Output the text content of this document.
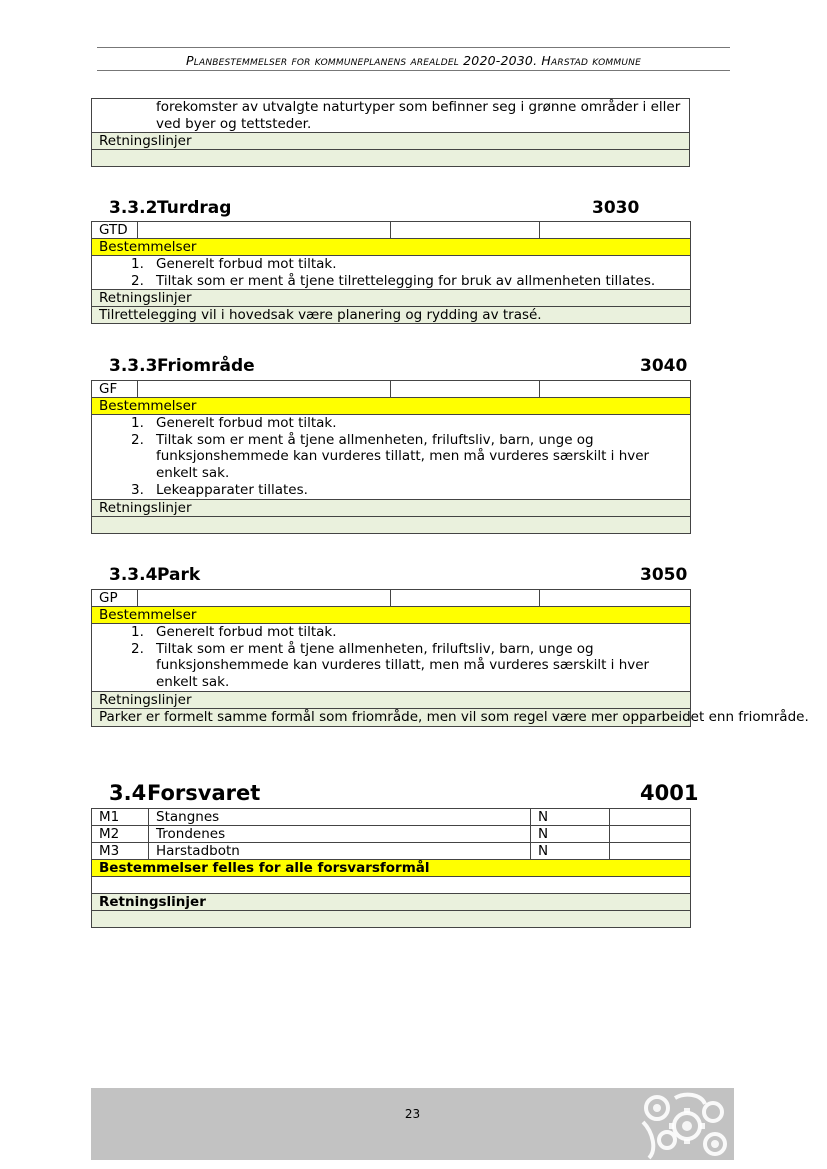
Planbestemmelser for kommuneplanens arealdel 2020-2030. Harstad kommune
forekomster av utvalgte naturtyper som befinner seg i grønne områder i eller ved byer og tettsteder.

Retningslinjer

3.3.2Turdrag	3030
GTD			
Bestemmelser

1. Generelt forbud mot tiltak.
2. Tiltak som er ment å tjene tilrettelegging for bruk av allmenheten tillates.

Retningslinjer
Tilrettelegging vil i hovedsak være planering og rydding av trasé.
3.3.3Friområde	3040
GF			
Bestemmelser

1. Generelt forbud mot tiltak.
2. Tiltak som er ment å tjene allmenheten, friluftsliv, barn, unge og funksjonshemmede kan vurderes tillatt, men må vurderes særskilt i hver enkelt sak.
3. Lekeapparater tillates.

Retningslinjer

3.3.4Park	3050
GP			
Bestemmelser

1. Generelt forbud mot tiltak.
2. Tiltak som er ment å tjene allmenheten, friluftsliv, barn, unge og funksjonshemmede kan vurderes tillatt, men må vurderes særskilt i hver enkelt sak.

Retningslinjer
Parker er formelt samme formål som friområde, men vil som regel være mer opparbeidet enn friområde.
3.4Forsvaret	4001
M1	Stangnes	N	
M2	Trondenes	N	
M3	Harstadbotn	N	
Bestemmelser felles for alle forsvarsformål			

Retningslinjer			

23
